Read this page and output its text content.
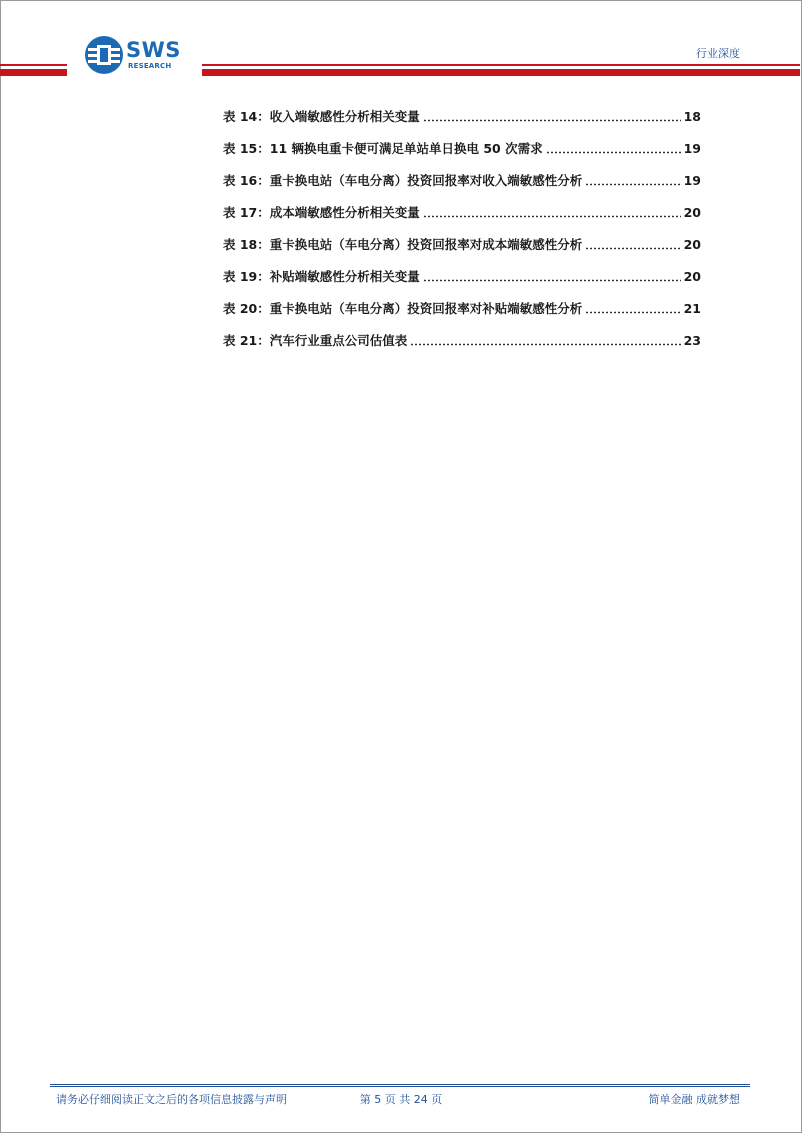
SWS
RESEARCH
行业深度
表 14：收入端敏感性分析相关变量	18
表 15：11 辆换电重卡便可满足单站单日换电 50 次需求	19
表 16：重卡换电站（车电分离）投资回报率对收入端敏感性分析	19
表 17：成本端敏感性分析相关变量	20
表 18：重卡换电站（车电分离）投资回报率对成本端敏感性分析	20
表 19：补贴端敏感性分析相关变量	20
表 20：重卡换电站（车电分离）投资回报率对补贴端敏感性分析	21
表 21：汽车行业重点公司估值表	23
请务必仔细阅读正文之后的各项信息披露与声明	第 5 页 共 24 页	简单金融 成就梦想
